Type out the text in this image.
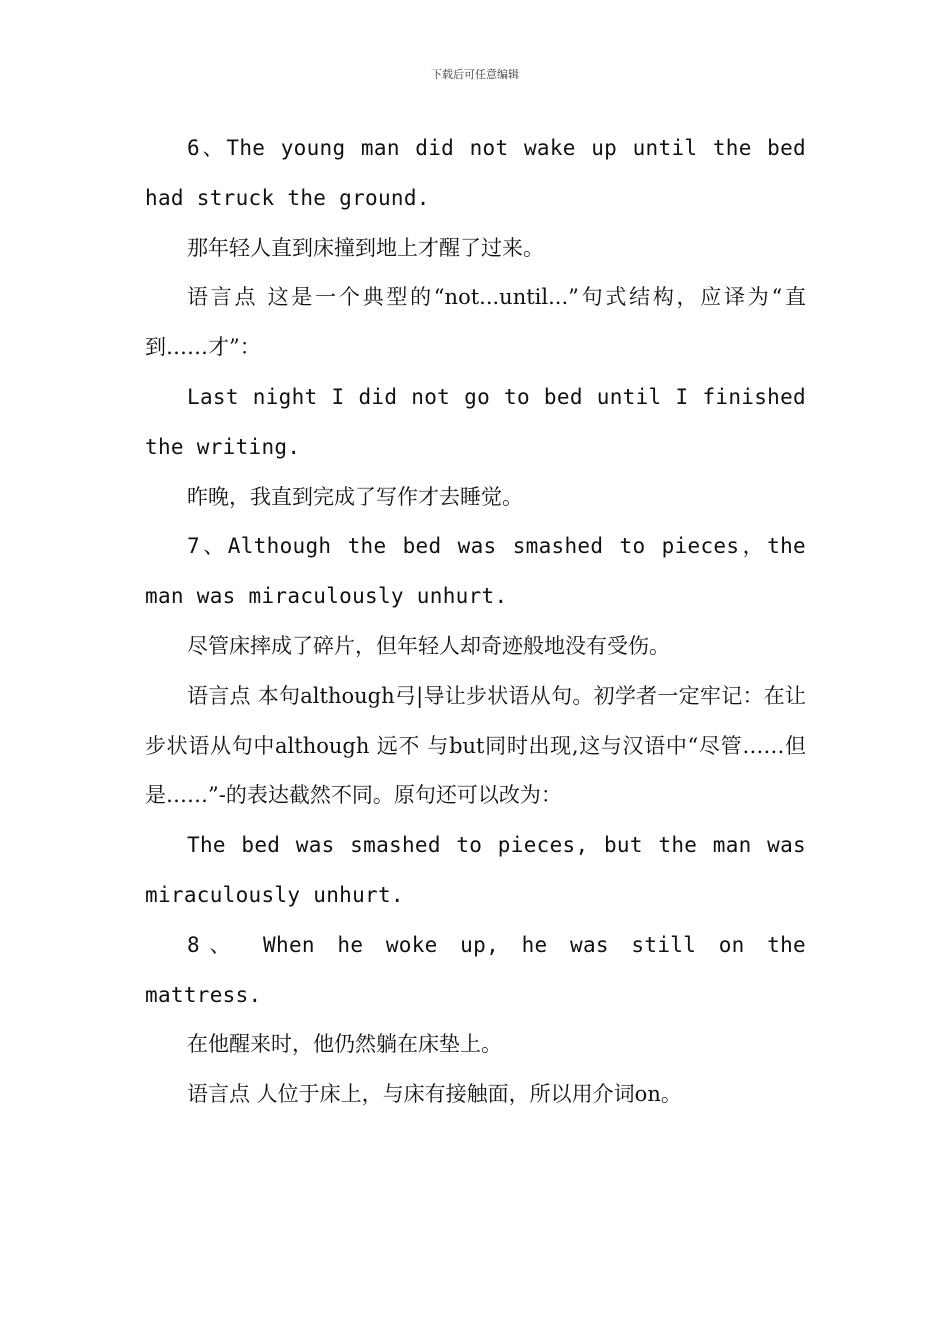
下载后可任意编辑

6、The young man did not wake up until the bed had struck the ground.

那年轻人直到床撞到地上才醒了过来。

语言点 这是一个典型的“not...until...”句式结构，应译为“直到……才”：

Last night I did not go to bed until I finished the writing.

昨晚，我直到完成了写作才去睡觉。

7、Although the bed was smashed to pieces，the man was miraculously unhurt.

尽管床摔成了碎片，但年轻人却奇迹般地没有受伤。

语言点 本句although弓|导让步状语从句。初学者一定牢记：在让步状语从句中although 远不 与but同时出现,这与汉语中“尽管……但是……”-的表达截然不同。原句还可以改为：

The bed was smashed to pieces, but the man was miraculously unhurt.

8、 When he woke up, he was still on the mattress.

在他醒来时，他仍然躺在床垫上。

语言点 人位于床上，与床有接触面，所以用介词on。
